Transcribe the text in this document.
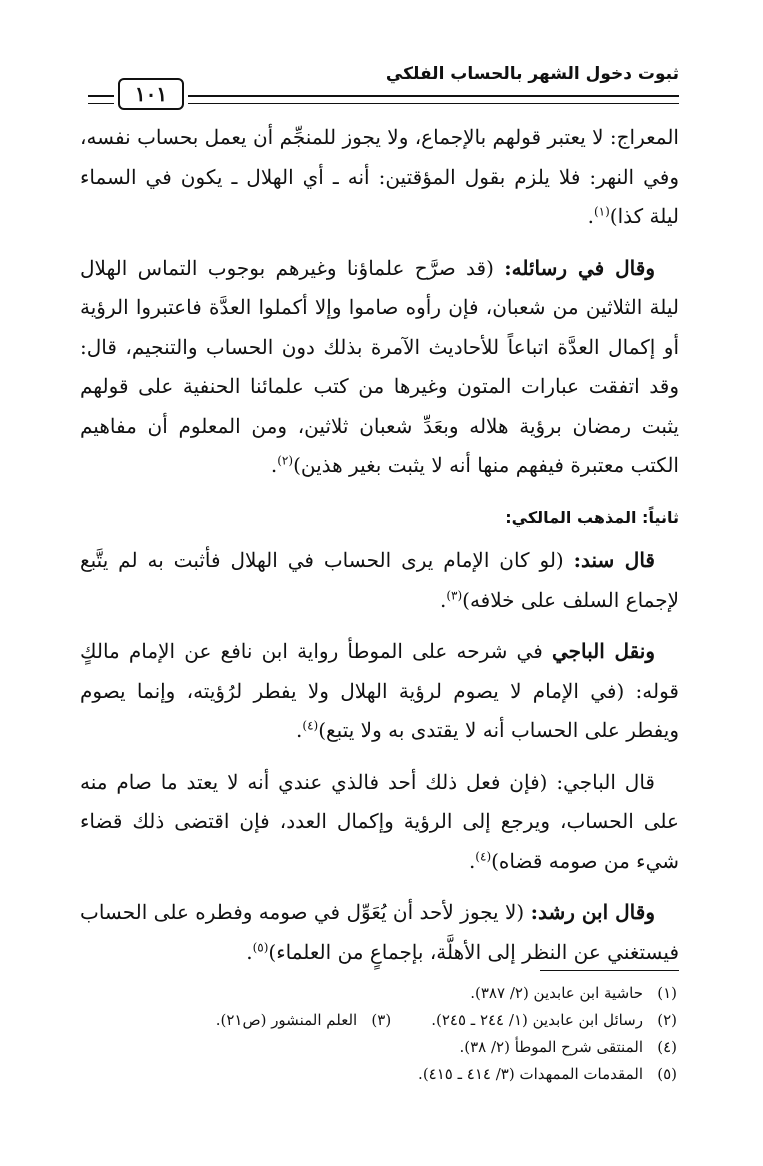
ثبوت دخول الشهر بالحساب الفلكي
١٠١

المعراج: لا يعتبر قولهم بالإجماع، ولا يجوز للمنجِّم أن يعمل بحساب نفسه، وفي النهر: فلا يلزم بقول المؤقتين: أنه ـ أي الهلال ـ يكون في السماء ليلة كذا)$^{(١)}$.

وقال في رسائله: (قد صرَّح علماؤنا وغيرهم بوجوب التماس الهلال ليلة الثلاثين من شعبان، فإن رأوه صاموا وإلا أكملوا العدَّة فاعتبروا الرؤية أو إكمال العدَّة اتباعاً للأحاديث الآمرة بذلك دون الحساب والتنجيم، قال: وقد اتفقت عبارات المتون وغيرها من كتب علمائنا الحنفية على قولهم يثبت رمضان برؤية هلاله وبعَدِّ شعبان ثلاثين، ومن المعلوم أن مفاهيم الكتب معتبرة فيفهم منها أنه لا يثبت بغير هذين)$^{(٢)}$.

ثانياً: المذهب المالكي:

قال سند: (لو كان الإمام يرى الحساب في الهلال فأثبت به لم يتَّبع لإجماع السلف على خلافه)$^{(٣)}$.

ونقل الباجي في شرحه على الموطأ رواية ابن نافع عن الإمام مالكٍ قوله: (في الإمام لا يصوم لرؤية الهلال ولا يفطر لرُؤيته، وإنما يصوم ويفطر على الحساب أنه لا يقتدى به ولا يتبع)$^{(٤)}$.

قال الباجي: (فإن فعل ذلك أحد فالذي عندي أنه لا يعتد ما صام منه على الحساب، ويرجع إلى الرؤية وإكمال العدد، فإن اقتضى ذلك قضاء شيء من صومه قضاه)$^{(٤)}$.

وقال ابن رشد: (لا يجوز لأحد أن يُعَوِّل في صومه وفطره على الحساب فيستغني عن النظر إلى الأهلَّة، بإجماعٍ من العلماء)$^{(٥)}$.

(١)حاشية ابن عابدين (٢/ ٣٨٧).
(٢)رسائل ابن عابدين (١/ ٢٤٤ ـ ٢٤٥).(٣)العلم المنشور (ص٢١).
(٤)المنتقى شرح الموطأ (٢/ ٣٨).
(٥)المقدمات الممهدات (٣/ ٤١٤ ـ ٤١٥).
